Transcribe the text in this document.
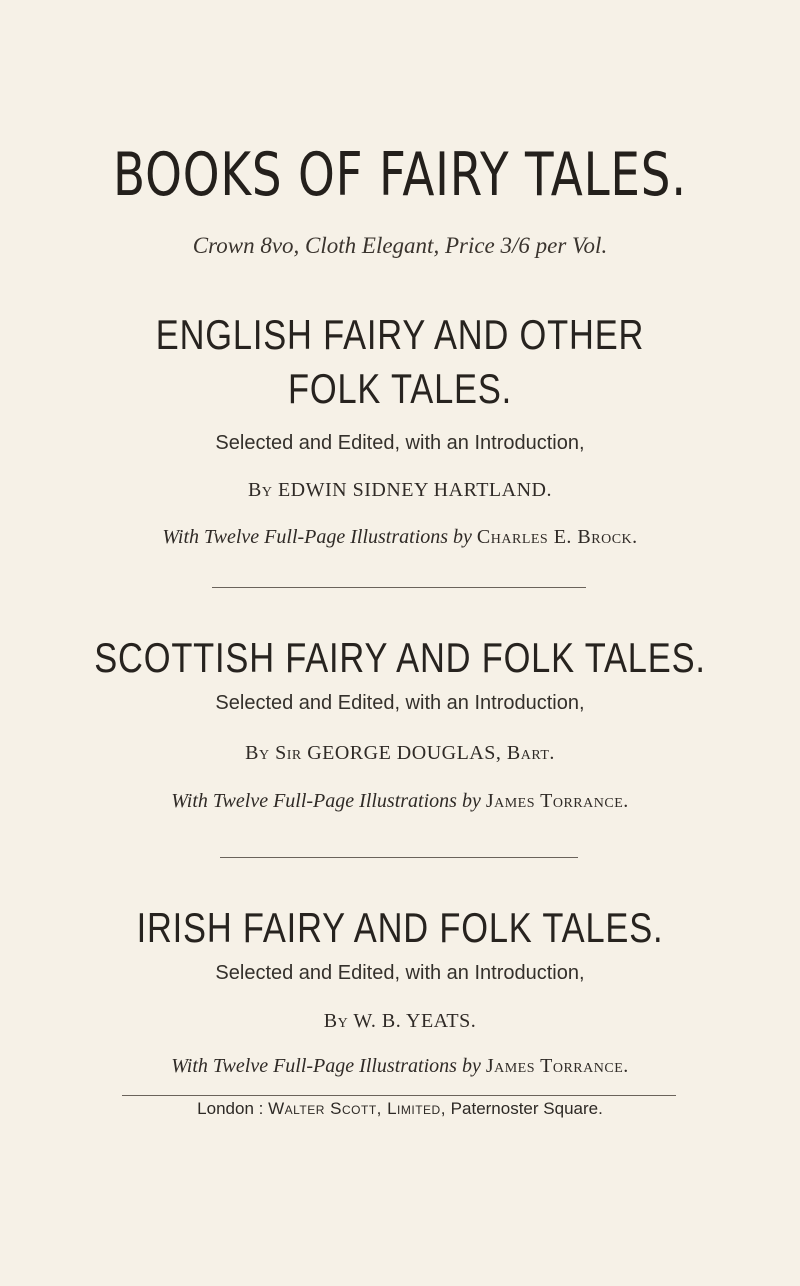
BOOKS OF FAIRY TALES.
Crown 8vo, Cloth Elegant, Price 3/6 per Vol.
ENGLISH FAIRY AND OTHER
FOLK TALES.
Selected and Edited, with an Introduction,
By EDWIN SIDNEY HARTLAND.
With Twelve Full-Page Illustrations by Charles E. Brock.
SCOTTISH FAIRY AND FOLK TALES.
Selected and Edited, with an Introduction,
By Sir GEORGE DOUGLAS, Bart.
With Twelve Full-Page Illustrations by James Torrance.
IRISH FAIRY AND FOLK TALES.
Selected and Edited, with an Introduction,
By W. B. YEATS.
With Twelve Full-Page Illustrations by James Torrance.
London : Walter Scott, Limited, Paternoster Square.
